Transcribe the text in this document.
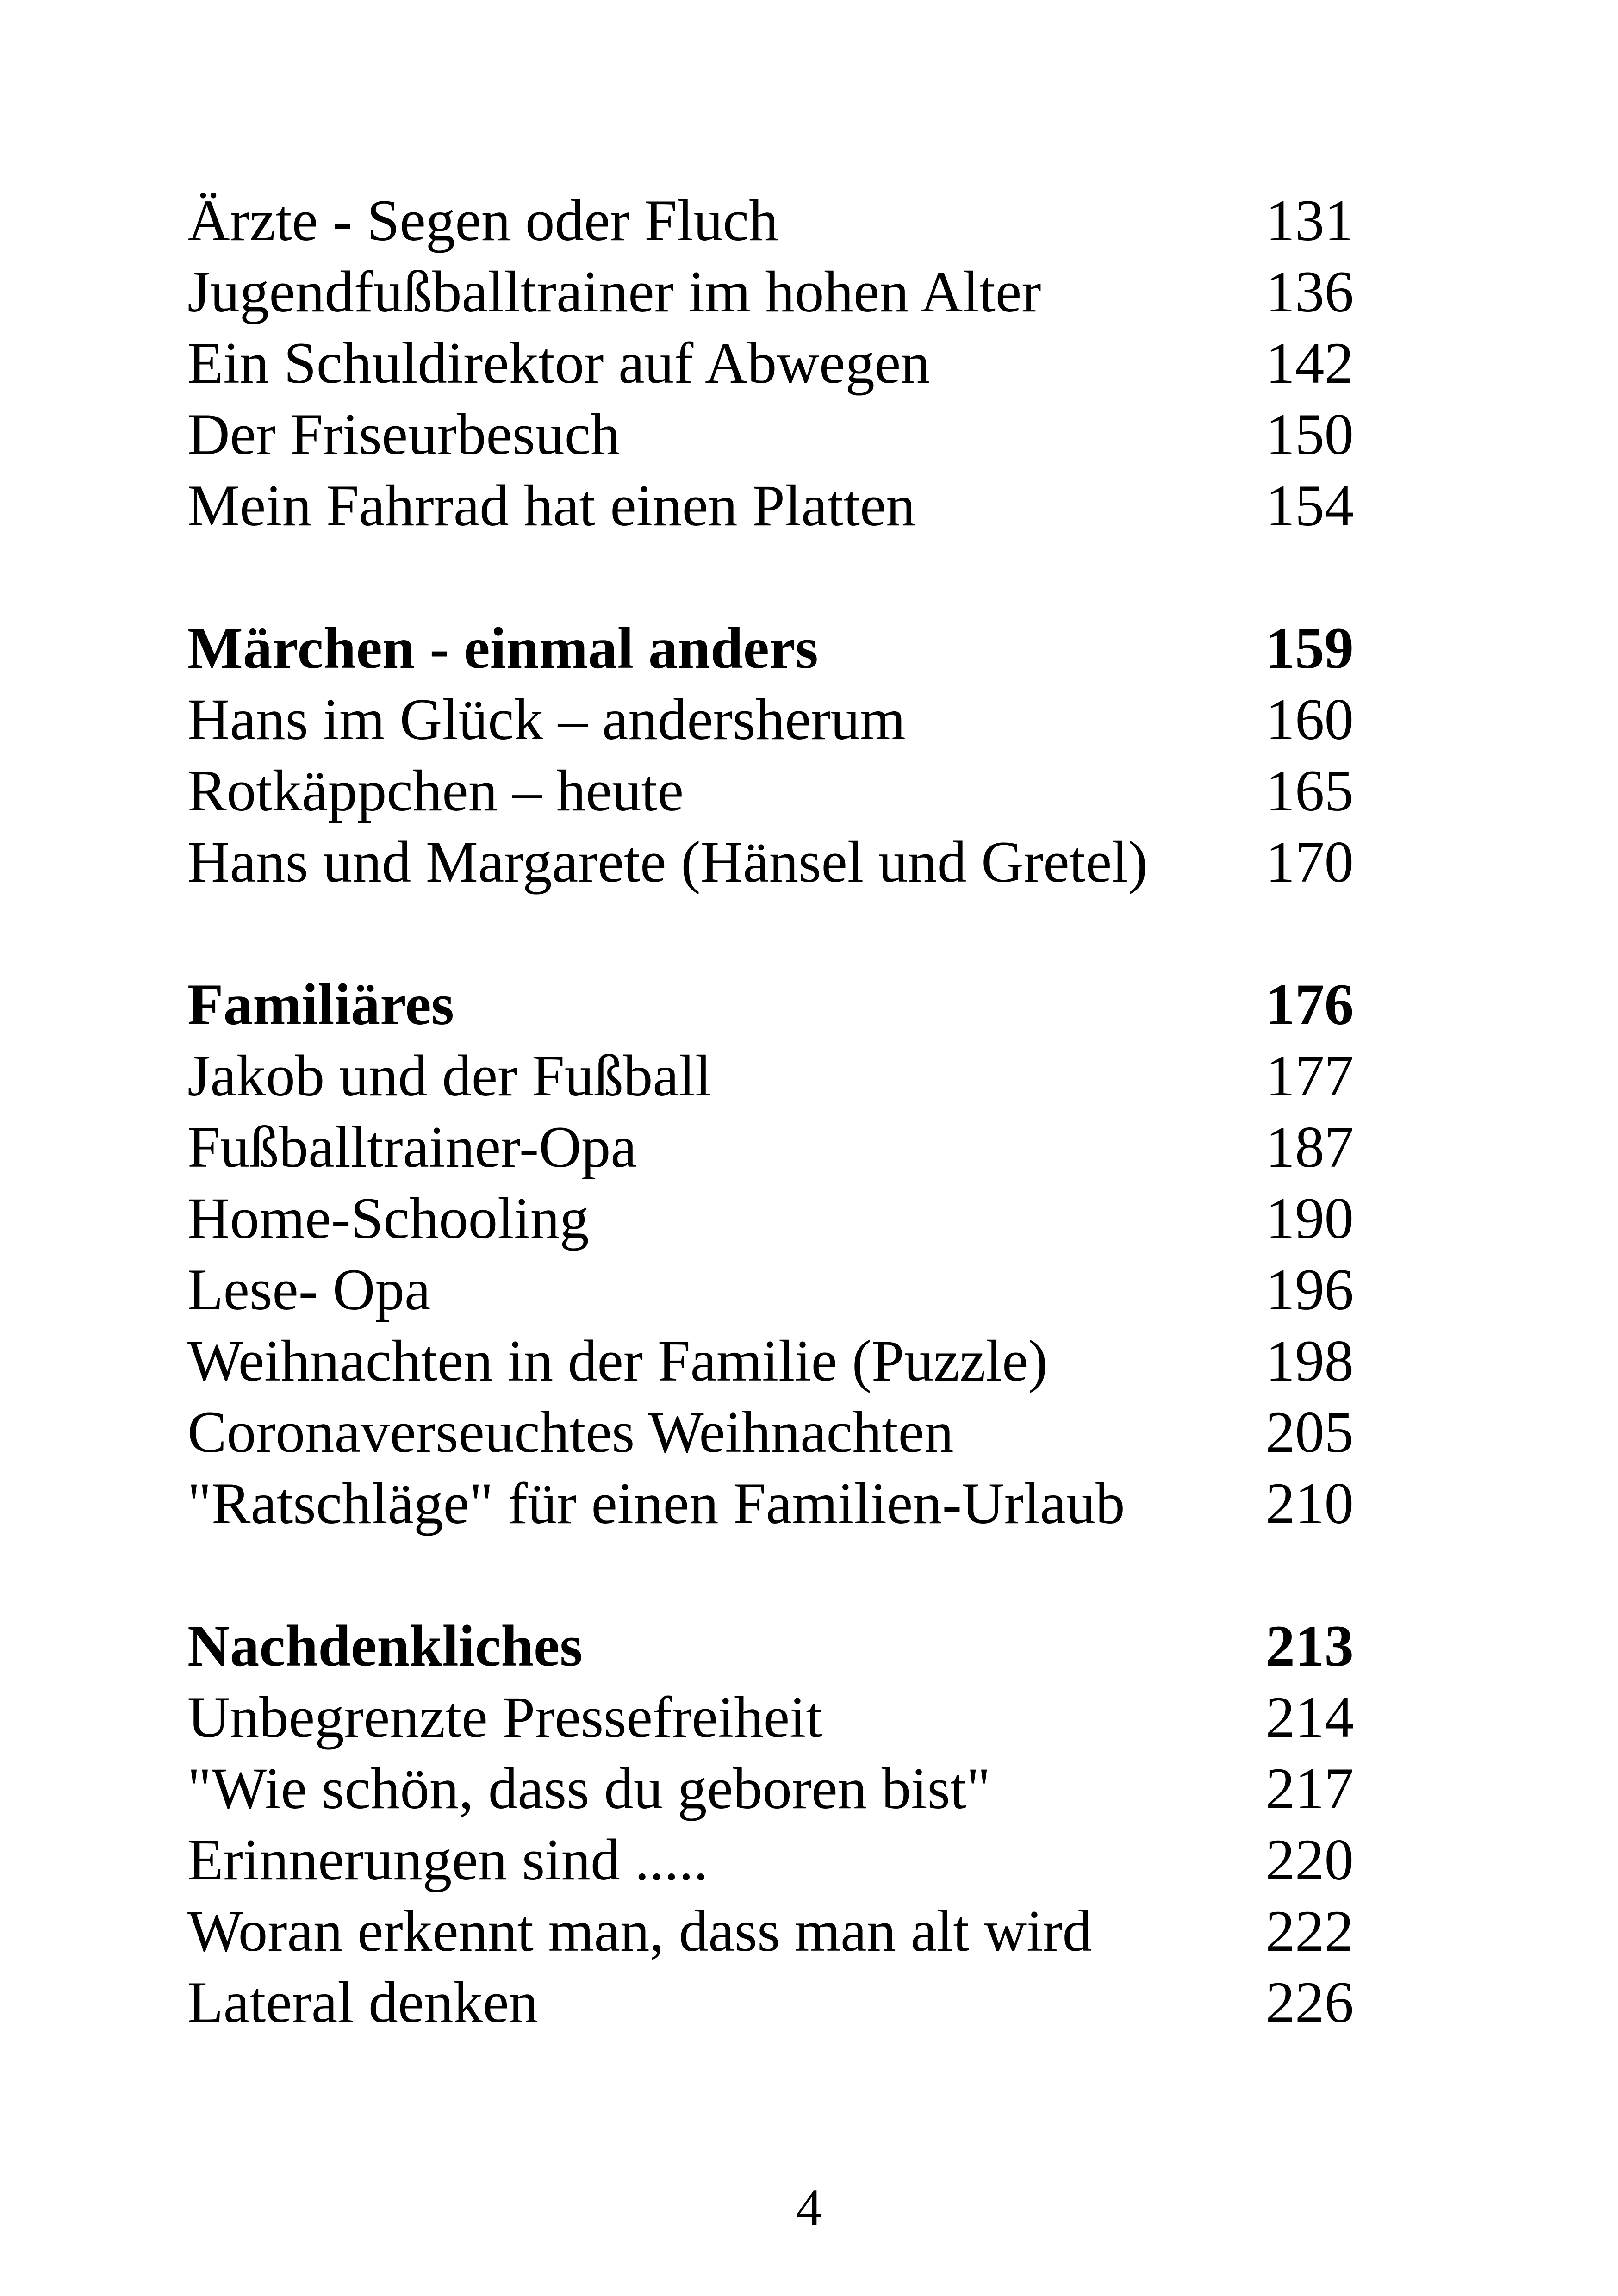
Ärzte - Segen oder Fluch	131
Jugendfußballtrainer im hohen Alter	136
Ein Schuldirektor auf Abwegen	142
Der Friseurbesuch	150
Mein Fahrrad hat einen Platten	154
Märchen - einmal anders	159
Hans im Glück – andersherum	160
Rotkäppchen – heute	165
Hans und Margarete (Hänsel und Gretel) 170
Familiäres	176
Jakob und der Fußball	177
Fußballtrainer-Opa	187
Home-Schooling	190
Lese- Opa	196
Weihnachten in der Familie (Puzzle)	198
Coronaverseuchtes Weihnachten	205
"Ratschläge" für einen Familien-Urlaub 210
Nachdenkliches	213
Unbegrenzte Pressefreiheit	214
"Wie schön, dass du geboren bist"	217
Erinnerungen sind .....	220
Woran erkennt man, dass man alt wird	222
Lateral denken	226
4
